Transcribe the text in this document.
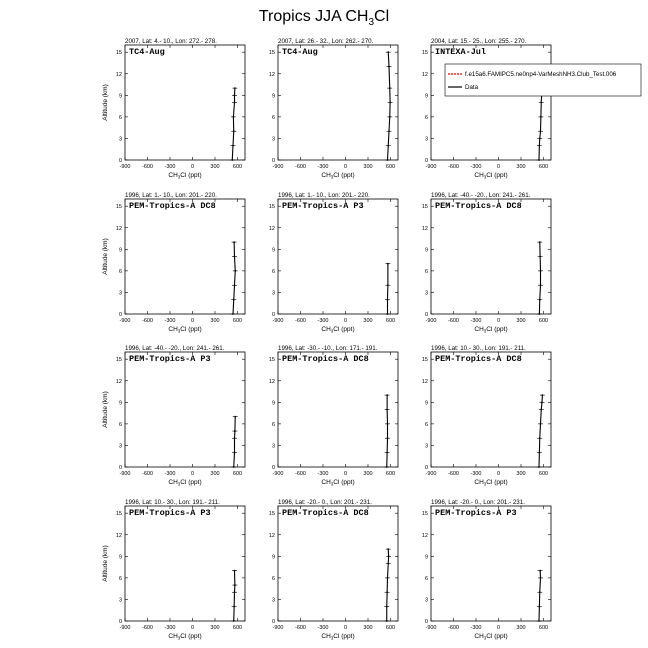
Tropics JJA $CH_3Cl$
2007, Lat: 4.- 10., Lon: 272.- 278.
TC4-Aug
-900 -600 -300	0	300 600
0
3
6
9
12
15
$CH_3Cl$ (ppt)
Altitude (km)
2007, Lat: 26.- 32., Lon: 262.- 270.
TC4-Aug
-900 -600 -300	0	300 600
0
3
6
9
12
15
$CH_3Cl$ (ppt)
2004, Lat: 15.- 25., Lon: 255.- 270.
INTEXA-Jul
-900 -600 -300	0	300 600
0
3
6
9
12
15
$CH_3Cl$ (ppt)
f.e15a6.FAMIPC5.ne0np4-VarMeshNH3.Club_Test.006
Data
1996, Lat: 1.- 10., Lon: 201.- 220.
PEM-Tropics-A DC8
-900 -600 -300	0	300 600
0
3
6
9
12
15
$CH_3Cl$ (ppt)
Altitude (km)
1996, Lat: 1.- 10., Lon: 201.- 220.
PEM-Tropics-A P3
-900 -600 -300	0	300 600
0
3
6
9
12
15
$CH_3Cl$ (ppt)
1996, Lat: -40.- -20., Lon: 241.- 261.
PEM-Tropics-A DC8
-900 -600 -300	0	300 600
0
3
6
9
12
15
$CH_3Cl$ (ppt)
1996, Lat: -40.- -20., Lon: 241.- 261.
PEM-Tropics-A P3
-900 -600 -300	0	300 600
0
3
6
9
12
15
$CH_3Cl$ (ppt)
Altitude (km)
1996, Lat: -30.- -10., Lon: 171.- 191.
PEM-Tropics-A DC8
-900 -600 -300	0	300 600
0
3
6
9
12
15
$CH_3Cl$ (ppt)
1996, Lat: 10.- 30., Lon: 191.- 211.
PEM-Tropics-A DC8
-900 -600 -300	0	300 600
0
3
6
9
12
15
$CH_3Cl$ (ppt)
1996, Lat: 10.- 30., Lon: 191.- 211.
PEM-Tropics-A P3
-900 -600 -300	0	300 600
0
3
6
9
12
15
$CH_3Cl$ (ppt)
Altitude (km)
1996, Lat: -20.- 0., Lon: 201.- 231.
PEM-Tropics-A DC8
-900 -600 -300	0	300 600
0
3
6
9
12
15
$CH_3Cl$ (ppt)
1996, Lat: -20.- 0., Lon: 201.- 231.
PEM-Tropics-A P3
-900 -600 -300	0	300 600
0
3
6
9
12
15
$CH_3Cl$ (ppt)
